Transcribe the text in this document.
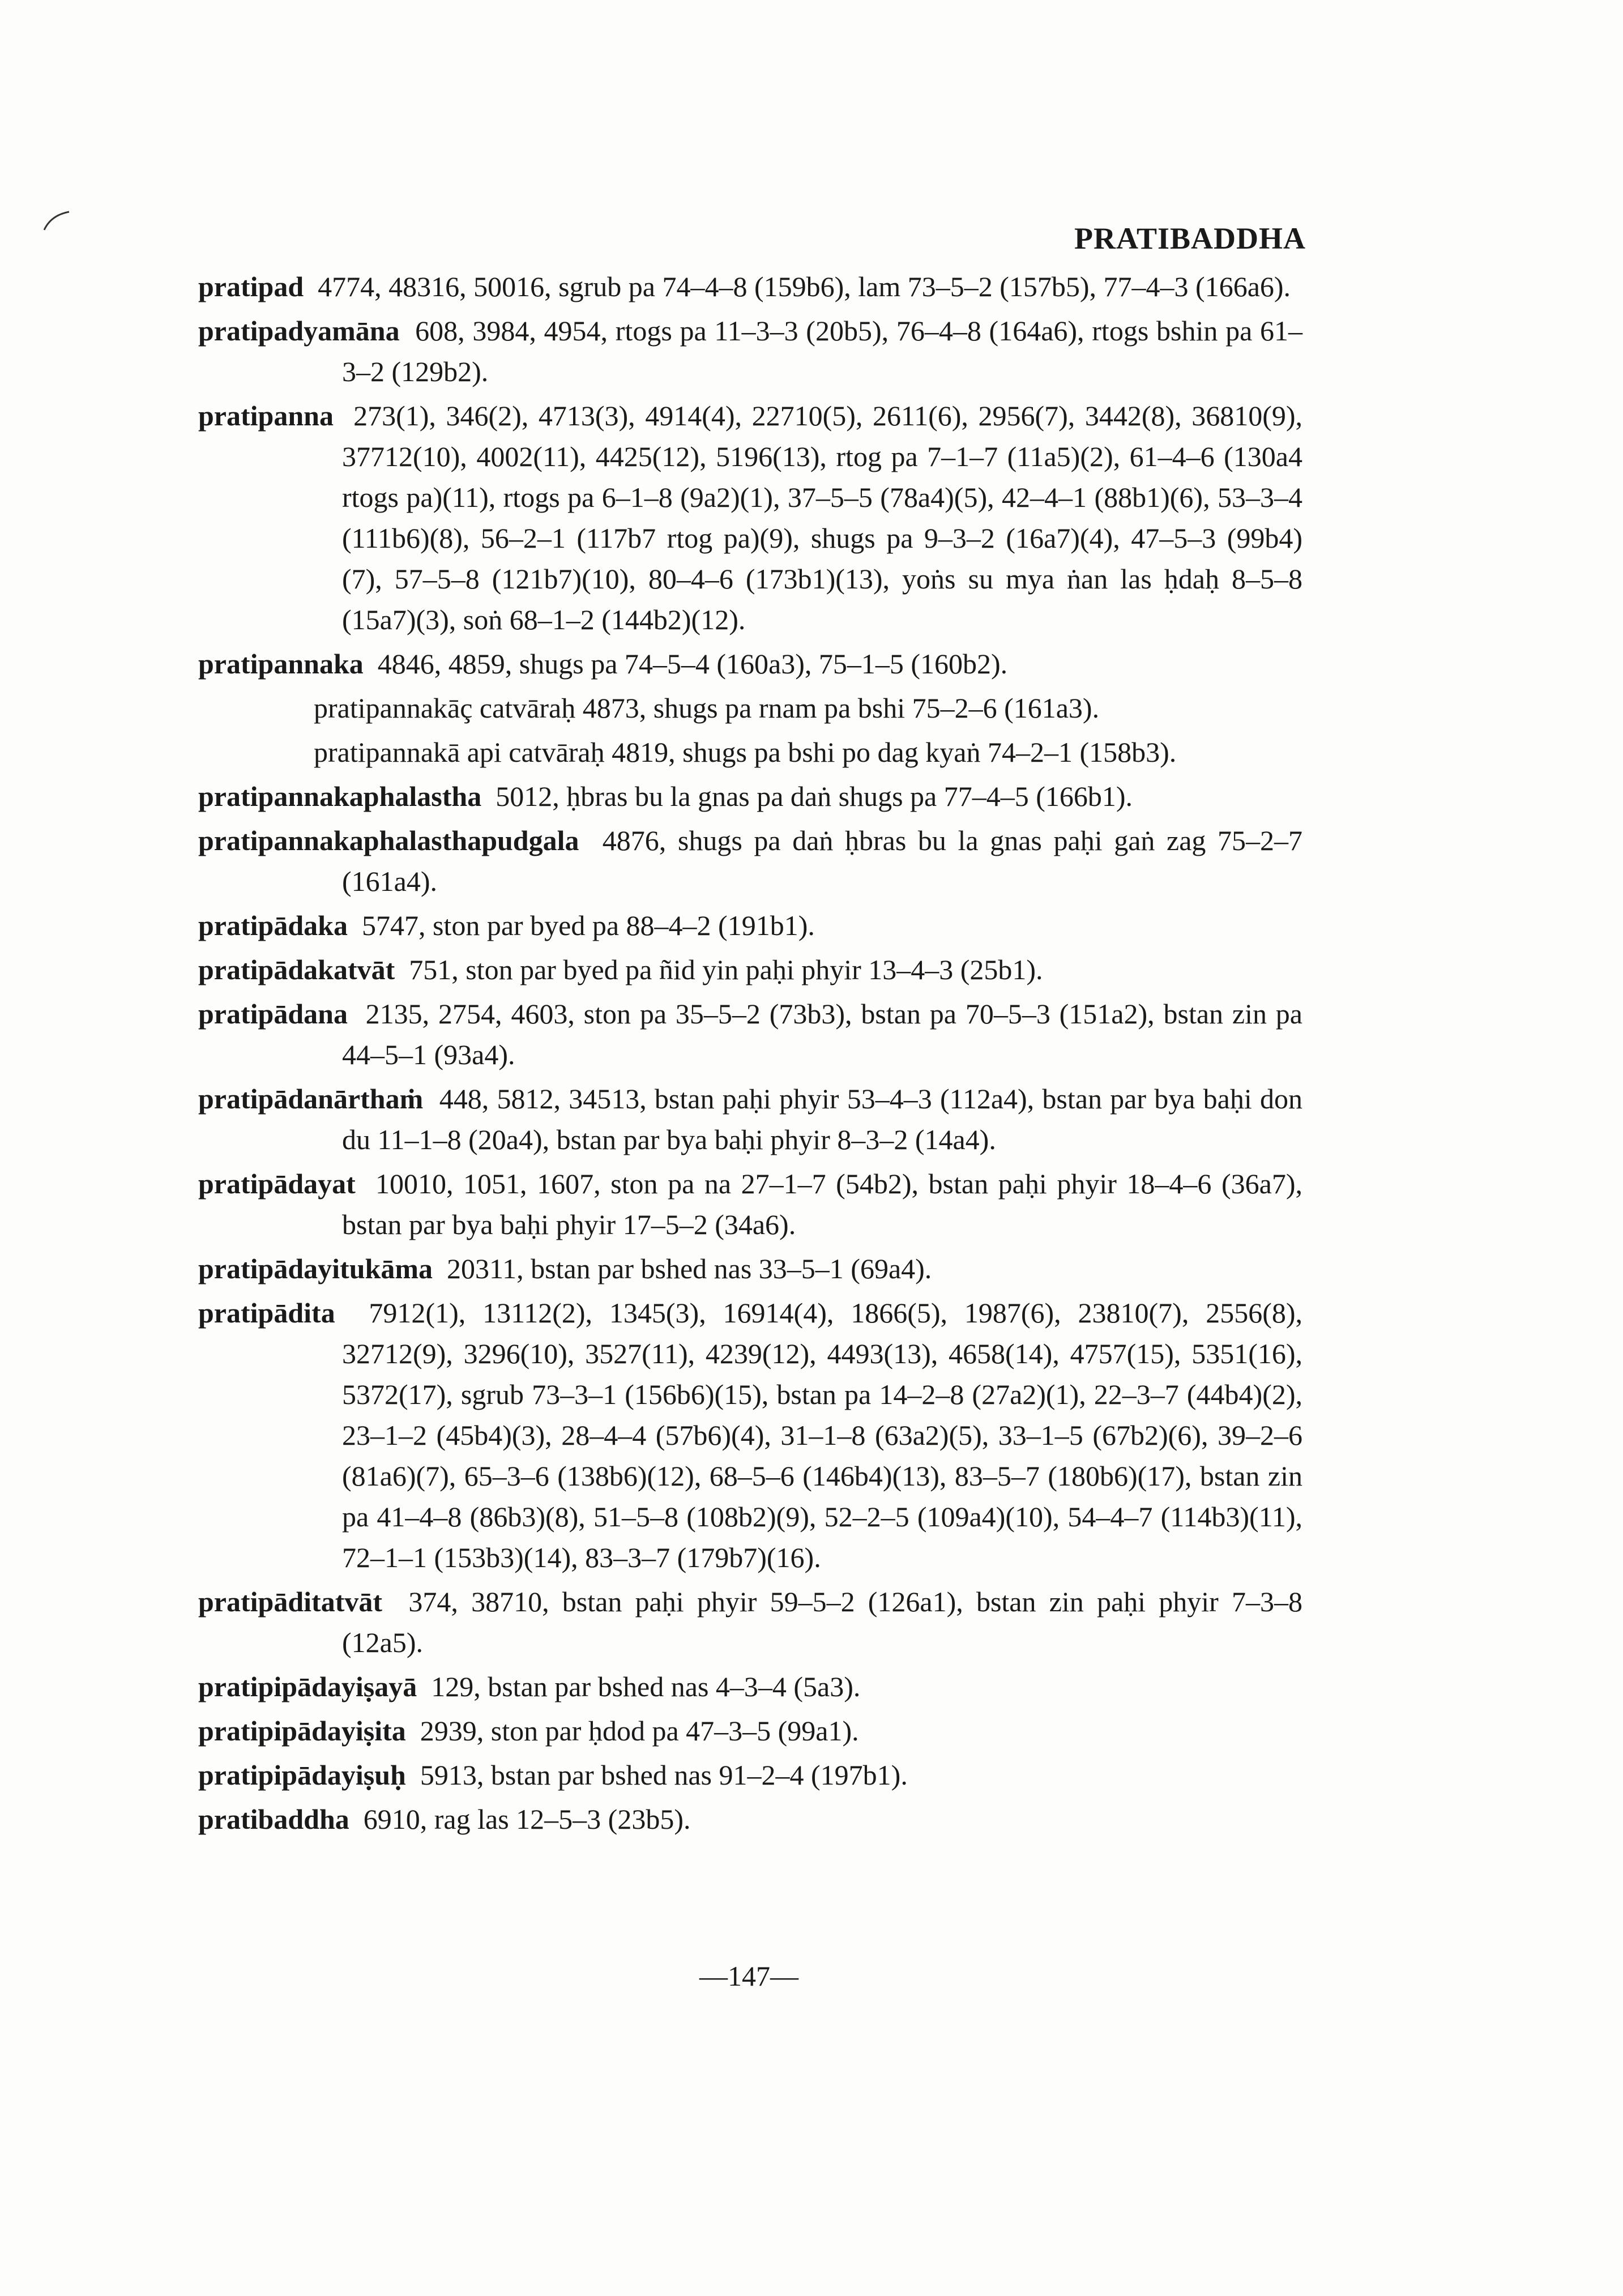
PRATIBADDHA

pratipad 4774, 48316, 50016, sgrub pa 74–4–8 (159b6), lam 73–5–2 (157b5), 77–4–3 (166a6).

pratipadyamāna 608, 3984, 4954, rtogs pa 11–3–3 (20b5), 76–4–8 (164a6), rtogs bshin pa 61–3–2 (129b2).

pratipanna 273(1), 346(2), 4713(3), 4914(4), 22710(5), 2611(6), 2956(7), 3442(8), 36810(9), 37712(10), 4002(11), 4425(12), 5196(13), rtog pa 7–1–7 (11a5)(2), 61–4–6 (130a4 rtogs pa)(11), rtogs pa 6–1–8 (9a2)(1), 37–5–5 (78a4)(5), 42–4–1 (88b1)(6), 53–3–4 (111b6)(8), 56–2–1 (117b7 rtog pa)(9), shugs pa 9–3–2 (16a7)(4), 47–5–3 (99b4)(7), 57–5–8 (121b7)(10), 80–4–6 (173b1)(13), yoṅs su mya ṅan las ḥdaḥ 8–5–8 (15a7)(3), soṅ 68–1–2 (144b2)(12).

pratipannaka 4846, 4859, shugs pa 74–5–4 (160a3), 75–1–5 (160b2).

pratipannakāç catvāraḥ 4873, shugs pa rnam pa bshi 75–2–6 (161a3).

pratipannakā api catvāraḥ 4819, shugs pa bshi po dag kyaṅ 74–2–1 (158b3).

pratipannakaphalastha 5012, ḥbras bu la gnas pa daṅ shugs pa 77–4–5 (166b1).

pratipannakaphalasthapudgala 4876, shugs pa daṅ ḥbras bu la gnas paḥi gaṅ zag 75–2–7 (161a4).

pratipādaka 5747, ston par byed pa 88–4–2 (191b1).

pratipādakatvāt 751, ston par byed pa ñid yin paḥi phyir 13–4–3 (25b1).

pratipādana 2135, 2754, 4603, ston pa 35–5–2 (73b3), bstan pa 70–5–3 (151a2), bstan zin pa 44–5–1 (93a4).

pratipādanārthaṁ 448, 5812, 34513, bstan paḥi phyir 53–4–3 (112a4), bstan par bya baḥi don du 11–1–8 (20a4), bstan par bya baḥi phyir 8–3–2 (14a4).

pratipādayat 10010, 1051, 1607, ston pa na 27–1–7 (54b2), bstan paḥi phyir 18–4–6 (36a7), bstan par bya baḥi phyir 17–5–2 (34a6).

pratipādayitukāma 20311, bstan par bshed nas 33–5–1 (69a4).

pratipādita 7912(1), 13112(2), 1345(3), 16914(4), 1866(5), 1987(6), 23810(7), 2556(8), 32712(9), 3296(10), 3527(11), 4239(12), 4493(13), 4658(14), 4757(15), 5351(16), 5372(17), sgrub 73–3–1 (156b6)(15), bstan pa 14–2–8 (27a2)(1), 22–3–7 (44b4)(2), 23–1–2 (45b4)(3), 28–4–4 (57b6)(4), 31–1–8 (63a2)(5), 33–1–5 (67b2)(6), 39–2–6 (81a6)(7), 65–3–6 (138b6)(12), 68–5–6 (146b4)(13), 83–5–7 (180b6)(17), bstan zin pa 41–4–8 (86b3)(8), 51–5–8 (108b2)(9), 52–2–5 (109a4)(10), 54–4–7 (114b3)(11), 72–1–1 (153b3)(14), 83–3–7 (179b7)(16).

pratipāditatvāt 374, 38710, bstan paḥi phyir 59–5–2 (126a1), bstan zin paḥi phyir 7–3–8 (12a5).

pratipipādayiṣayā 129, bstan par bshed nas 4–3–4 (5a3).

pratipipādayiṣita 2939, ston par ḥdod pa 47–3–5 (99a1).

pratipipādayiṣuḥ 5913, bstan par bshed nas 91–2–4 (197b1).

pratibaddha 6910, rag las 12–5–3 (23b5).

—147—
